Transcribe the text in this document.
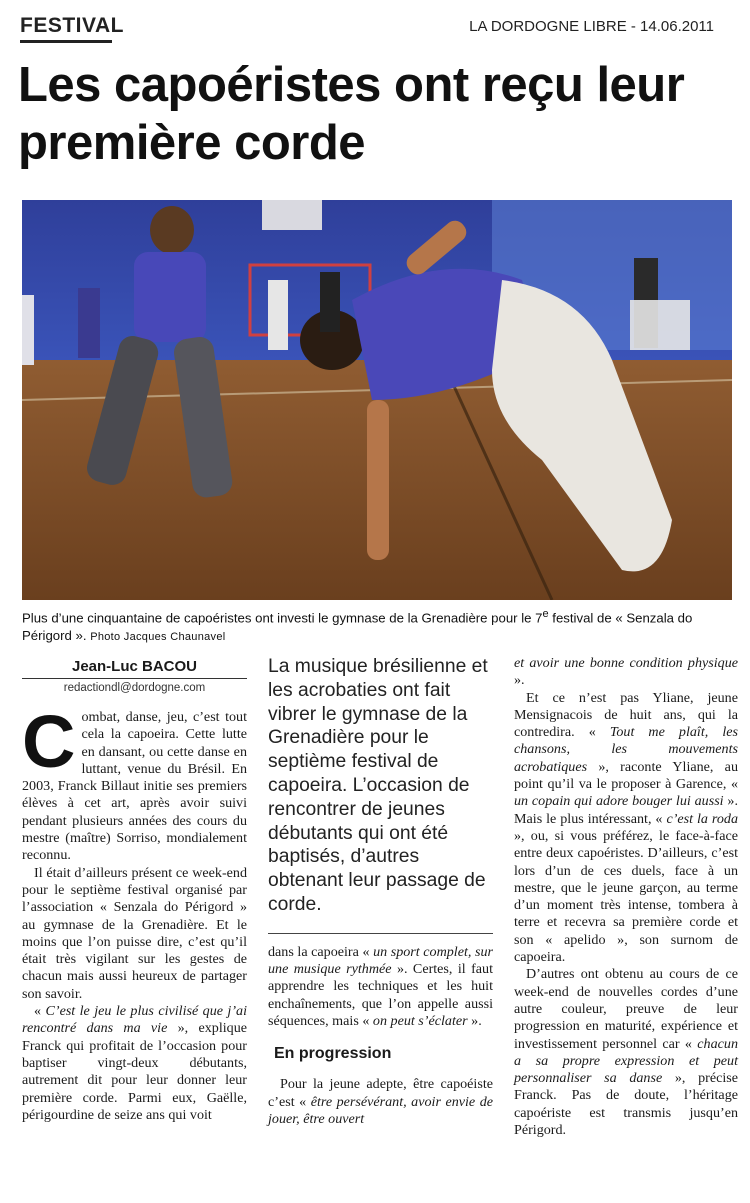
FESTIVAL	LA DORDOGNE LIBRE - 14.06.2011
Les capoéristes ont reçu leur première corde

Plus d’une cinquantaine de capoéristes ont investi le gymnase de la Grenadière pour le 7e festival de « Senzala do Périgord ». Photo Jacques Chaunavel

Jean-Luc BACOU
redactiondl@dordogne.com

Combat, danse, jeu, c’est tout cela la capoeira. Cette lutte en dansant, ou cette danse en luttant, venue du Brésil. En 2003, Franck Billaut initie ses premiers élèves à cet art, après avoir suivi pendant plusieurs années des cours du mestre (maître) Sorriso, mondialement reconnu.

Il était d’ailleurs présent ce week-end pour le septième festival organisé par l’association « Senzala do Périgord » au gymnase de la Grenadière. Et le moins que l’on puisse dire, c’est qu’il était très vigilant sur les gestes de chacun mais aussi heureux de partager son savoir.

« C’est le jeu le plus civilisé que j’ai rencontré dans ma vie », explique Franck qui profitait de l’occasion pour baptiser vingt-deux débutants, autrement dit pour leur donner leur première corde. Parmi eux, Gaëlle, périgourdine de seize ans qui voit

La musique brésilienne et les acrobaties ont fait vibrer le gymnase de la Grenadière pour le septième festival de capoeira. L’occasion de rencontrer de jeunes débutants qui ont été baptisés, d’autres obtenant leur passage de corde.

dans la capoeira « un sport complet, sur une musique rythmée ». Certes, il faut apprendre les techniques et les huit enchaînements, que l’on appelle aussi séquences, mais « on peut s’éclater ».

En progression

Pour la jeune adepte, être capoéiste c’est « être persévérant, avoir envie de jouer, être ouvert

et avoir une bonne condition physique ».

Et ce n’est pas Yliane, jeune Mensignacois de huit ans, qui la contredira. « Tout me plaît, les chansons, les mouvements acrobatiques », raconte Yliane, au point qu’il va le proposer à Garence, « un copain qui adore bouger lui aussi ». Mais le plus intéressant, « c’est la roda », ou, si vous préférez, le face-à-face entre deux capoéristes. D’ailleurs, c’est lors d’un de ces duels, face à un mestre, que le jeune garçon, au terme d’un moment très intense, tombera à terre et recevra sa première corde et son « apelido », son surnom de capoeira.

D’autres ont obtenu au cours de ce week-end de nouvelles cordes d’une autre couleur, preuve de leur progression en maturité, expérience et investissement personnel car « chacun a sa propre expression et peut personnaliser sa danse », précise Franck. Pas de doute, l’héritage capoériste est transmis jusqu’en Périgord.
